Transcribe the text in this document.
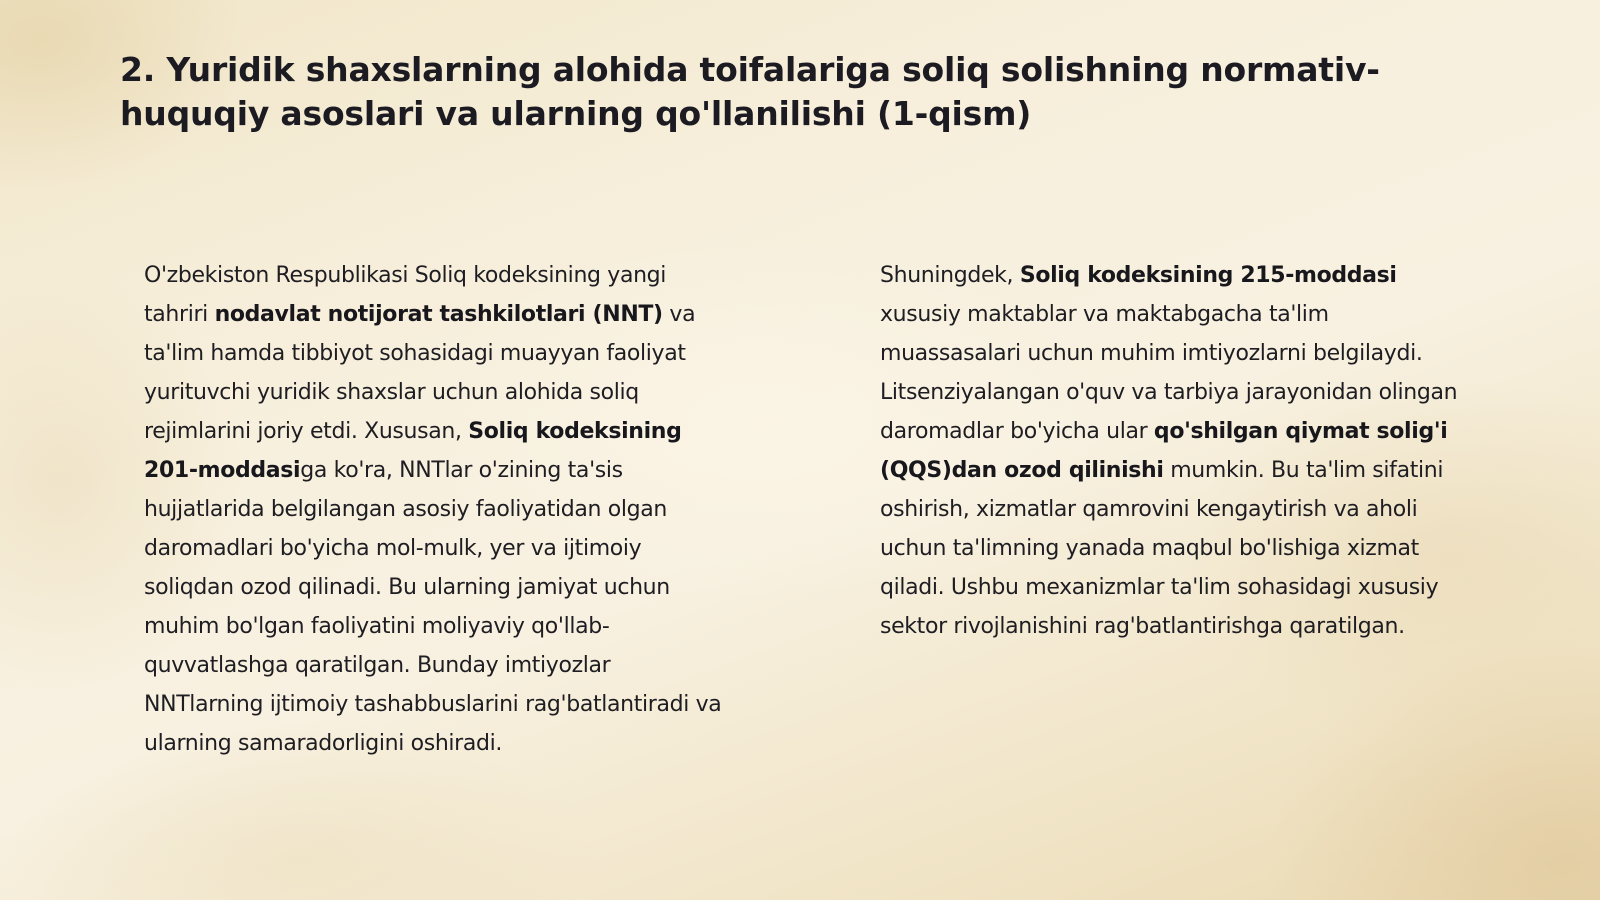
2. Yuridik shaxslarning alohida toifalariga soliq solishning normativ-huquqiy asoslari va ularning qo'llanilishi (1-qism)

O'zbekiston Respublikasi Soliq kodeksining yangi tahriri nodavlat notijorat tashkilotlari (NNT) va ta'lim hamda tibbiyot sohasidagi muayyan faoliyat yurituvchi yuridik shaxslar uchun alohida soliq rejimlarini joriy etdi. Xususan, Soliq kodeksining 201-moddasiga ko'ra, NNTlar o'zining ta'sis hujjatlarida belgilangan asosiy faoliyatidan olgan daromadlari bo'yicha mol-mulk, yer va ijtimoiy soliqdan ozod qilinadi. Bu ularning jamiyat uchun muhim bo'lgan faoliyatini moliyaviy qo'llab-quvvatlashga qaratilgan. Bunday imtiyozlar NNTlarning ijtimoiy tashabbuslarini rag'batlantiradi va ularning samaradorligini oshiradi.

Shuningdek, Soliq kodeksining 215-moddasi xususiy maktablar va maktabgacha ta'lim muassasalari uchun muhim imtiyozlarni belgilaydi. Litsenziyalangan o'quv va tarbiya jarayonidan olingan daromadlar bo'yicha ular qo'shilgan qiymat solig'i (QQS)dan ozod qilinishi mumkin. Bu ta'lim sifatini oshirish, xizmatlar qamrovini kengaytirish va aholi uchun ta'limning yanada maqbul bo'lishiga xizmat qiladi. Ushbu mexanizmlar ta'lim sohasidagi xususiy sektor rivojlanishini rag'batlantirishga qaratilgan.
